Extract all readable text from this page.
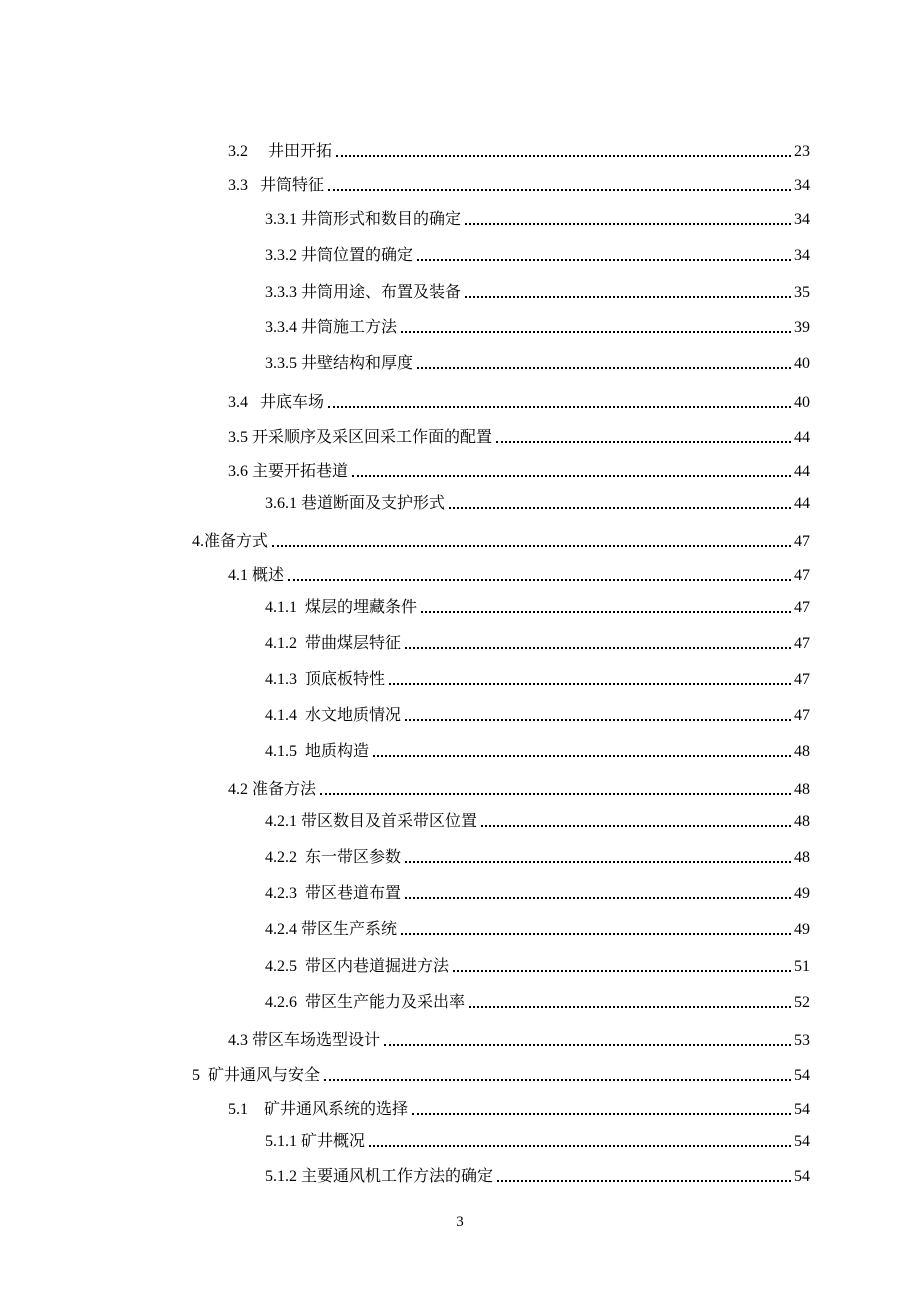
3.2     井田开拓	23
3.3   井筒特征	34
3.3.1 井筒形式和数目的确定	34
3.3.2 井筒位置的确定	34
3.3.3 井筒用途、布置及装备	35
3.3.4 井筒施工方法	39
3.3.5 井壁结构和厚度	40
3.4   井底车场	40
3.5 开采顺序及采区回采工作面的配置	44
3.6 主要开拓巷道	44
3.6.1 巷道断面及支护形式	44
4.准备方式	47
4.1 概述	47
4.1.1  煤层的埋藏条件	47
4.1.2  带曲煤层特征	47
4.1.3  顶底板特性	47
4.1.4  水文地质情况	47
4.1.5  地质构造	48
4.2 准备方法	48
4.2.1 带区数目及首采带区位置	48
4.2.2  东一带区参数	48
4.2.3  带区巷道布置	49
4.2.4 带区生产系统	49
4.2.5  带区内巷道掘进方法	51
4.2.6  带区生产能力及采出率	52
4.3 带区车场选型设计	53
5  矿井通风与安全	54
5.1    矿井通风系统的选择	54
5.1.1 矿井概况	54
5.1.2 主要通风机工作方法的确定	54
3
